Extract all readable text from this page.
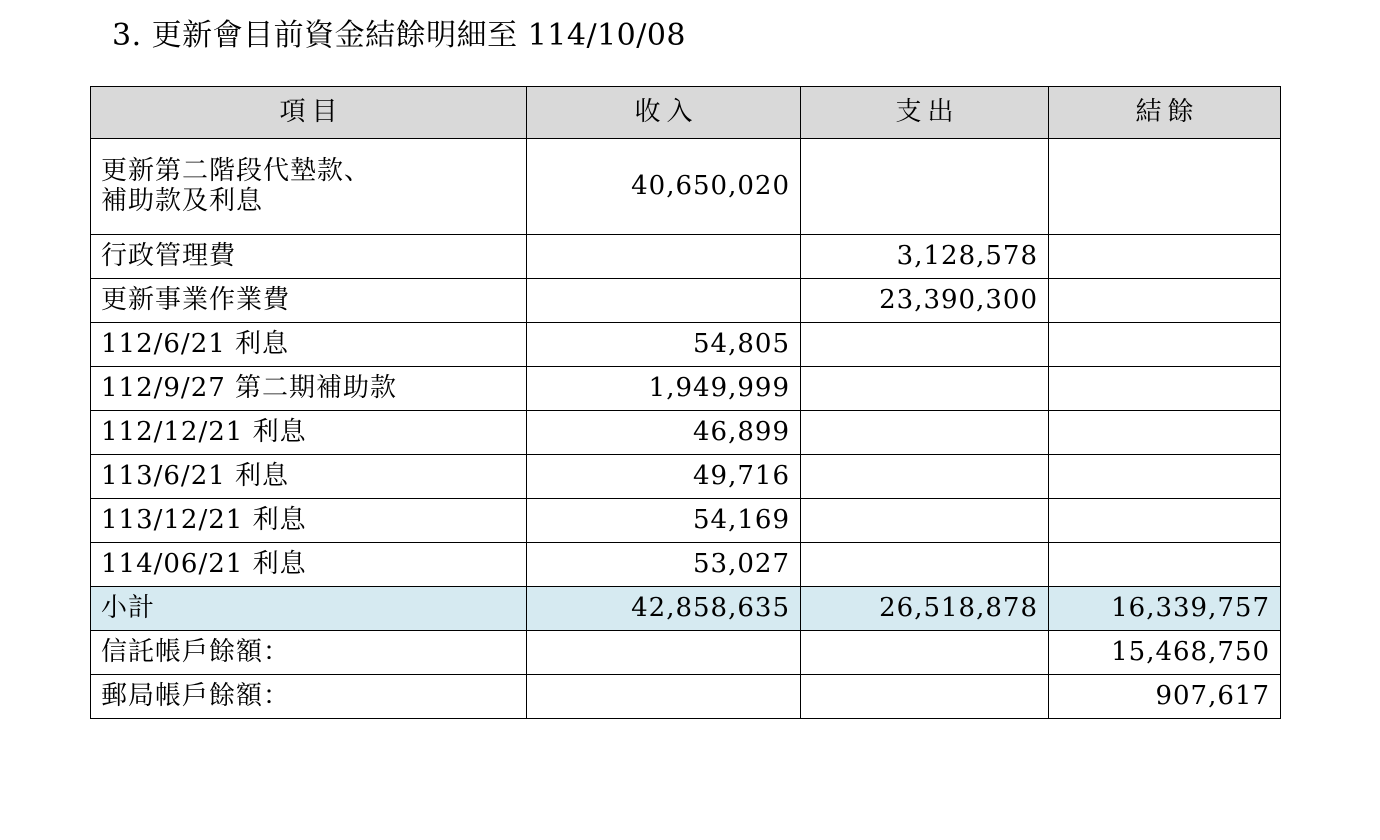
3. 更新會目前資金結餘明細至 114/10/08
項目	收入	支出	結餘

更新第二階段代墊款、
補助款及利息	40,650,020		
行政管理費		3,128,578	
更新事業作業費		23,390,300	
112/6/21 利息	54,805		
112/9/27 第二期補助款	1,949,999		
112/12/21 利息	46,899		
113/6/21 利息	49,716		
113/12/21 利息	54,169		
114/06/21 利息	53,027		
小計	42,858,635	26,518,878	16,339,757
信託帳戶餘額：			15,468,750
郵局帳戶餘額：			907,617
